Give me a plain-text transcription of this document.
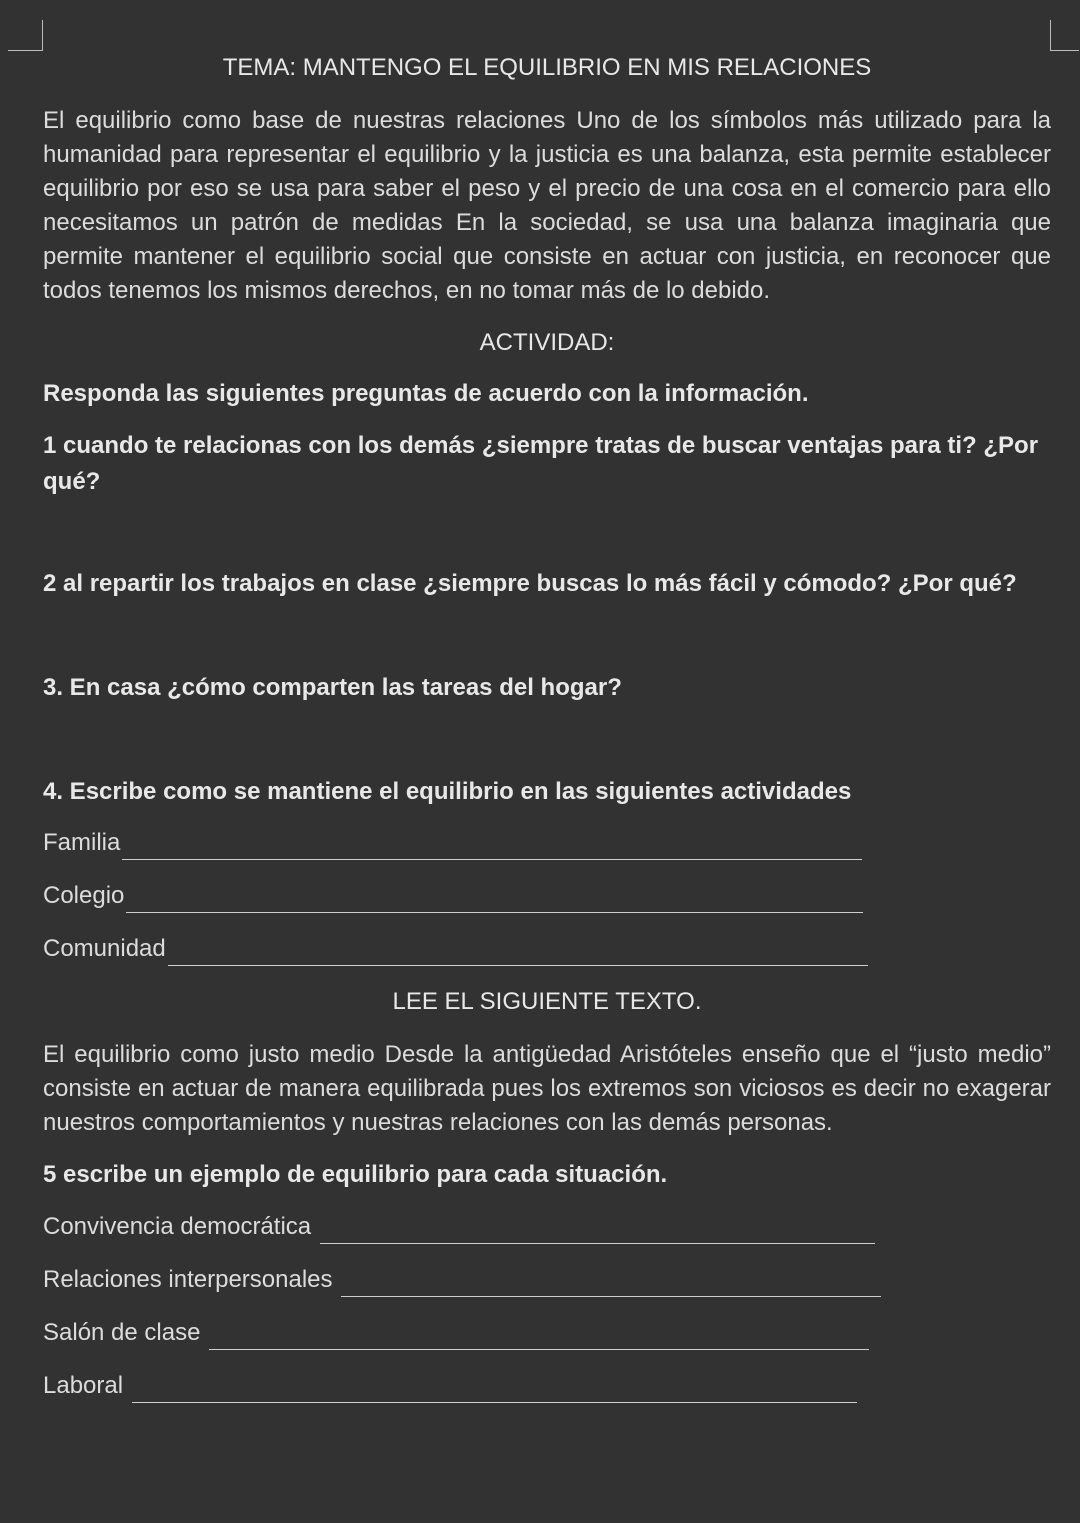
TEMA: MANTENGO EL EQUILIBRIO EN MIS RELACIONES

El equilibrio como base de nuestras relaciones Uno de los símbolos más utilizado para la humanidad para representar el equilibrio y la justicia es una balanza, esta permite establecer equilibrio por eso se usa para saber el peso y el precio de una cosa en el comercio para ello necesitamos un patrón de medidas En la sociedad, se usa una balanza imaginaria que permite mantener el equilibrio social que consiste en actuar con justicia, en reconocer que todos tenemos los mismos derechos, en no tomar más de lo debido.

ACTIVIDAD:

Responda las siguientes preguntas de acuerdo con la información.

1 cuando te relacionas con los demás ¿siempre tratas de buscar ventajas para ti? ¿Por qué?

2 al repartir los trabajos en clase ¿siempre buscas lo más fácil y cómodo? ¿Por qué?

3. En casa ¿cómo comparten las tareas del hogar?

4. Escribe como se mantiene el equilibrio en las siguientes actividades

Familia
Colegio
Comunidad

LEE EL SIGUIENTE TEXTO.

El equilibrio como justo medio Desde la antigüedad Aristóteles enseño que el “justo medio” consiste en actuar de manera equilibrada pues los extremos son viciosos es decir no exagerar nuestros comportamientos y nuestras relaciones con las demás personas.

5 escribe un ejemplo de equilibrio para cada situación.

Convivencia democrática
Relaciones interpersonales
Salón de clase
Laboral
